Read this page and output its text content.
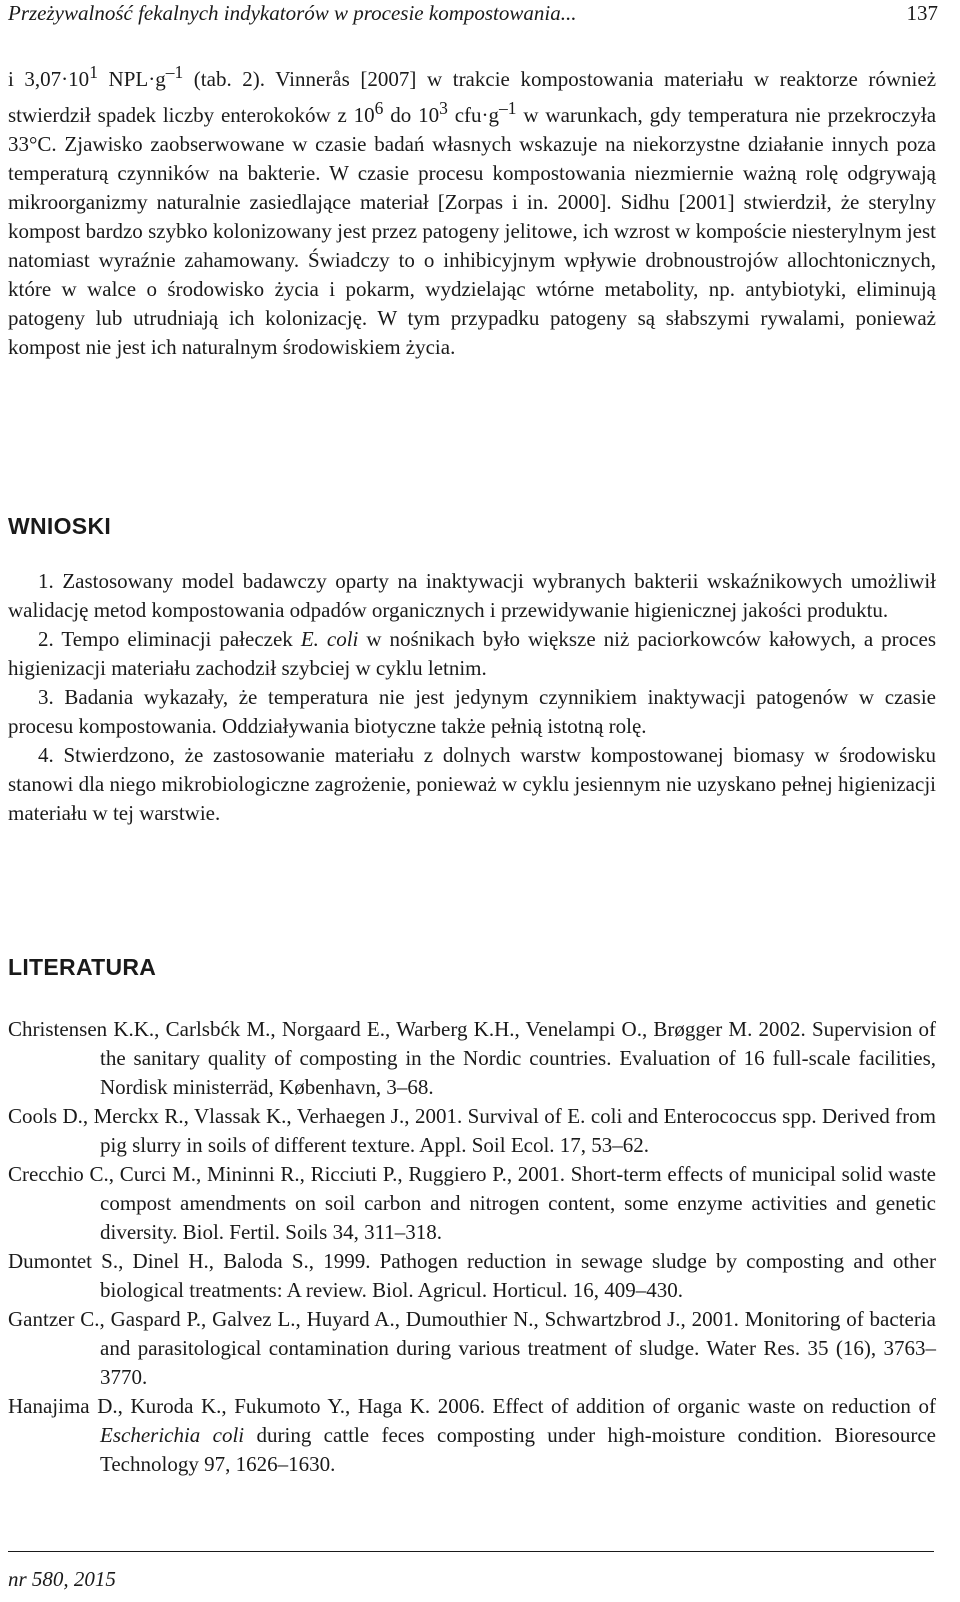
Przeżywalność fekalnych indykatorów w procesie kompostowania...	137

i $3,07\cdot 10^1$ $NPL\cdot g^{-1}$ (tab. 2). Vinnerås [2007] w trakcie kompostowania materiału w reaktorze również stwierdził spadek liczby enterokoków z $10^6$ do $10^3$ $cfu\cdot g^{-1}$ w warunkach, gdy temperatura nie przekroczyła 33°C. Zjawisko zaobserwowane w czasie badań własnych wskazuje na niekorzystne działanie innych poza temperaturą czynników na bakterie. W czasie procesu kompostowania niezmiernie ważną rolę odgrywają mikroorganizmy naturalnie zasiedlające materiał [Zorpas i in. 2000]. Sidhu [2001] stwierdził, że sterylny kompost bardzo szybko kolonizowany jest przez patogeny jelitowe, ich wzrost w kompoście niesterylnym jest natomiast wyraźnie zahamowany. Świadczy to o inhibicyjnym wpływie drobnoustrojów allochtonicznych, które w walce o środowisko życia i pokarm, wydzielając wtórne metabolity, np. antybiotyki, eliminują patogeny lub utrudniają ich kolonizację. W tym przypadku patogeny są słabszymi rywalami, ponieważ kompost nie jest ich naturalnym środowiskiem życia.

WNIOSKI

1. Zastosowany model badawczy oparty na inaktywacji wybranych bakterii wskaźnikowych umożliwił walidację metod kompostowania odpadów organicznych i przewidywanie higienicznej jakości produktu.

2. Tempo eliminacji pałeczek E. coli w nośnikach było większe niż paciorkowców kałowych, a proces higienizacji materiału zachodził szybciej w cyklu letnim.

3. Badania wykazały, że temperatura nie jest jedynym czynnikiem inaktywacji patogenów w czasie procesu kompostowania. Oddziaływania biotyczne także pełnią istotną rolę.

4. Stwierdzono, że zastosowanie materiału z dolnych warstw kompostowanej biomasy w środowisku stanowi dla niego mikrobiologiczne zagrożenie, ponieważ w cyklu jesiennym nie uzyskano pełnej higienizacji materiału w tej warstwie.

LITERATURA

Christensen K.K., Carlsbćk M., Norgaard E., Warberg K.H., Venelampi O., Brøgger M. 2002. Supervision of the sanitary quality of composting in the Nordic countries. Evaluation of 16 full-scale facilities, Nordisk ministerräd, København, 3–68.

Cools D., Merckx R., Vlassak K., Verhaegen J., 2001. Survival of E. coli and Enterococcus spp. Derived from pig slurry in soils of different texture. Appl. Soil Ecol. 17, 53–62.

Crecchio C., Curci M., Mininni R., Ricciuti P., Ruggiero P., 2001. Short-term effects of municipal solid waste compost amendments on soil carbon and nitrogen content, some enzyme activities and genetic diversity. Biol. Fertil. Soils 34, 311–318.

Dumontet S., Dinel H., Baloda S., 1999. Pathogen reduction in sewage sludge by composting and other biological treatments: A review. Biol. Agricul. Horticul. 16, 409–430.

Gantzer C., Gaspard P., Galvez L., Huyard A., Dumouthier N., Schwartzbrod J., 2001. Monitoring of bacteria and parasitological contamination during various treatment of sludge. Water Res. 35 (16), 3763–3770.

Hanajima D., Kuroda K., Fukumoto Y., Haga K. 2006. Effect of addition of organic waste on reduction of Escherichia coli during cattle feces composting under high-moisture condition. Bioresource Technology 97, 1626–1630.

nr 580, 2015
